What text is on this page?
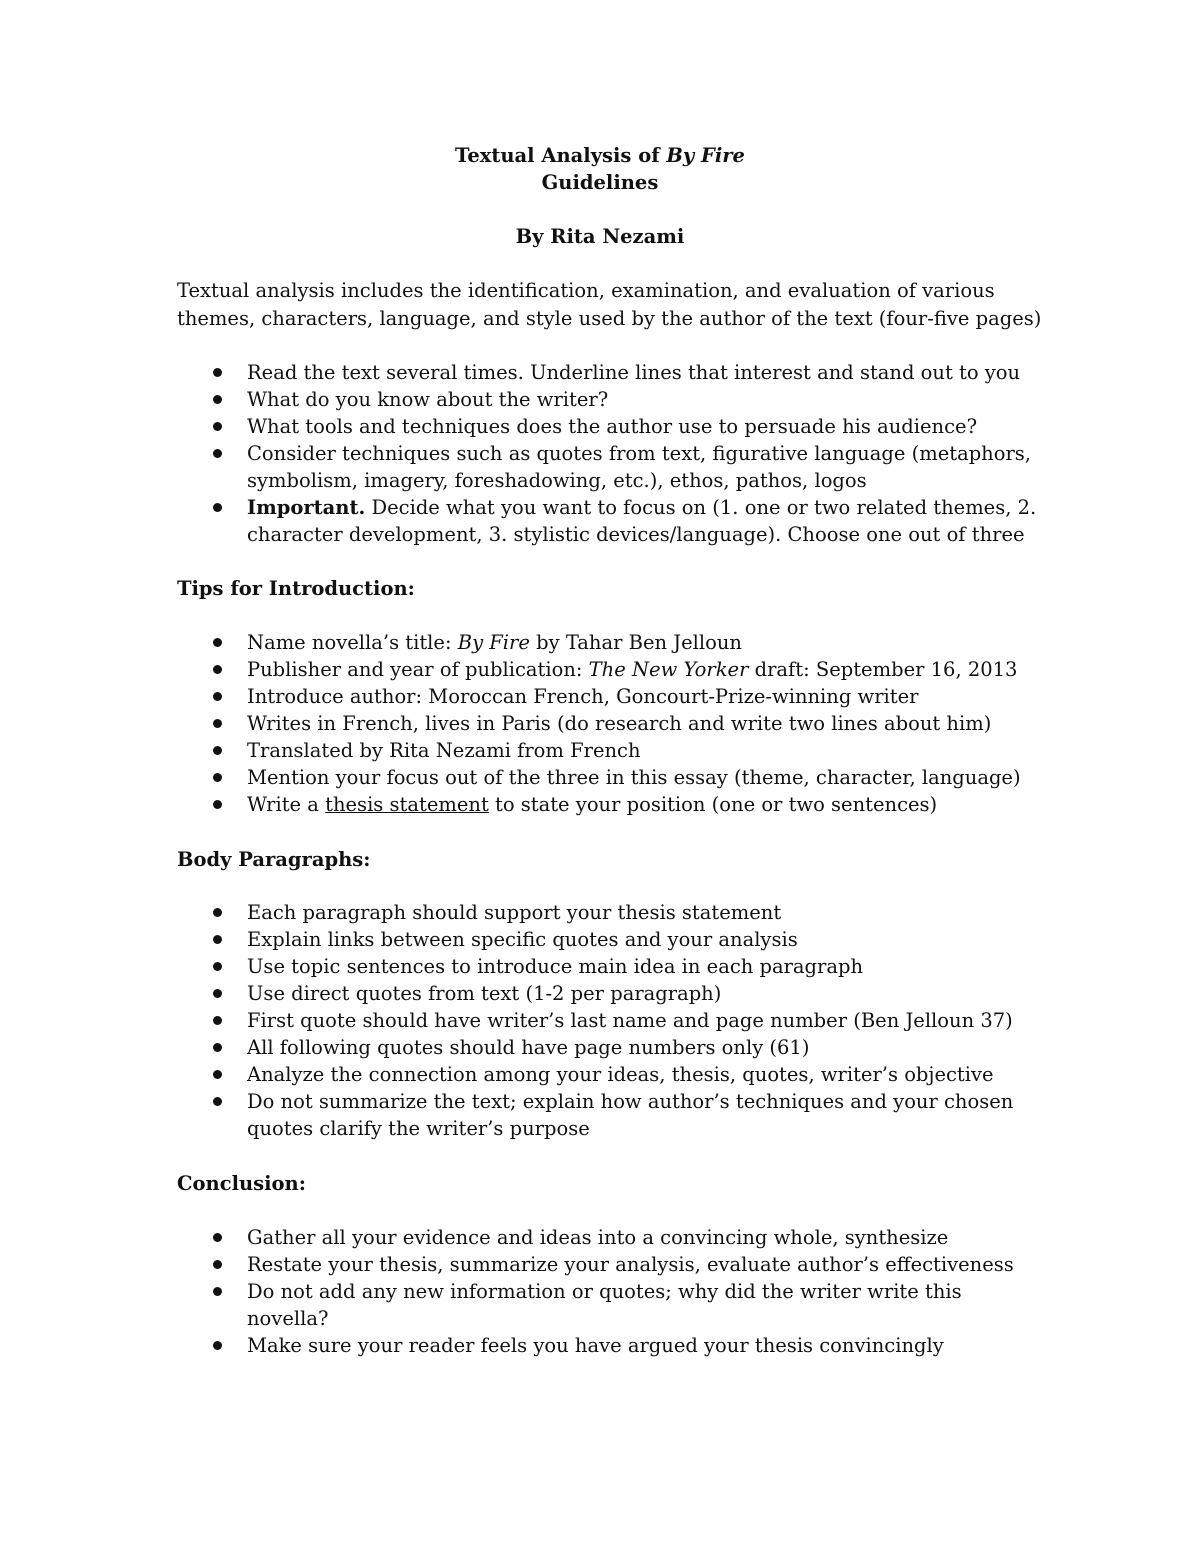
Textual Analysis of By Fire
Guidelines
By Rita Nezami
Textual analysis includes the identification, examination, and evaluation of various
themes, characters, language, and style used by the author of the text (four-five pages)
Read the text several times. Underline lines that interest and stand out to you
What do you know about the writer?
What tools and techniques does the author use to persuade his audience?
Consider techniques such as quotes from text, figurative language (metaphors,
symbolism, imagery, foreshadowing, etc.), ethos, pathos, logos
Important. Decide what you want to focus on (1. one or two related themes, 2.
character development, 3. stylistic devices/language). Choose one out of three
Tips for Introduction:
Name novella’s title: By Fire by Tahar Ben Jelloun
Publisher and year of publication: The New Yorker draft: September 16, 2013
Introduce author: Moroccan French, Goncourt-Prize-winning writer
Writes in French, lives in Paris (do research and write two lines about him)
Translated by Rita Nezami from French
Mention your focus out of the three in this essay (theme, character, language)
Write a thesis statement to state your position (one or two sentences)
Body Paragraphs:
Each paragraph should support your thesis statement
Explain links between specific quotes and your analysis
Use topic sentences to introduce main idea in each paragraph
Use direct quotes from text (1-2 per paragraph)
First quote should have writer’s last name and page number (Ben Jelloun 37)
All following quotes should have page numbers only (61)
Analyze the connection among your ideas, thesis, quotes, writer’s objective
Do not summarize the text; explain how author’s techniques and your chosen
quotes clarify the writer’s purpose
Conclusion:
Gather all your evidence and ideas into a convincing whole, synthesize
Restate your thesis, summarize your analysis, evaluate author’s effectiveness
Do not add any new information or quotes; why did the writer write this novella?
Make sure your reader feels you have argued your thesis convincingly
